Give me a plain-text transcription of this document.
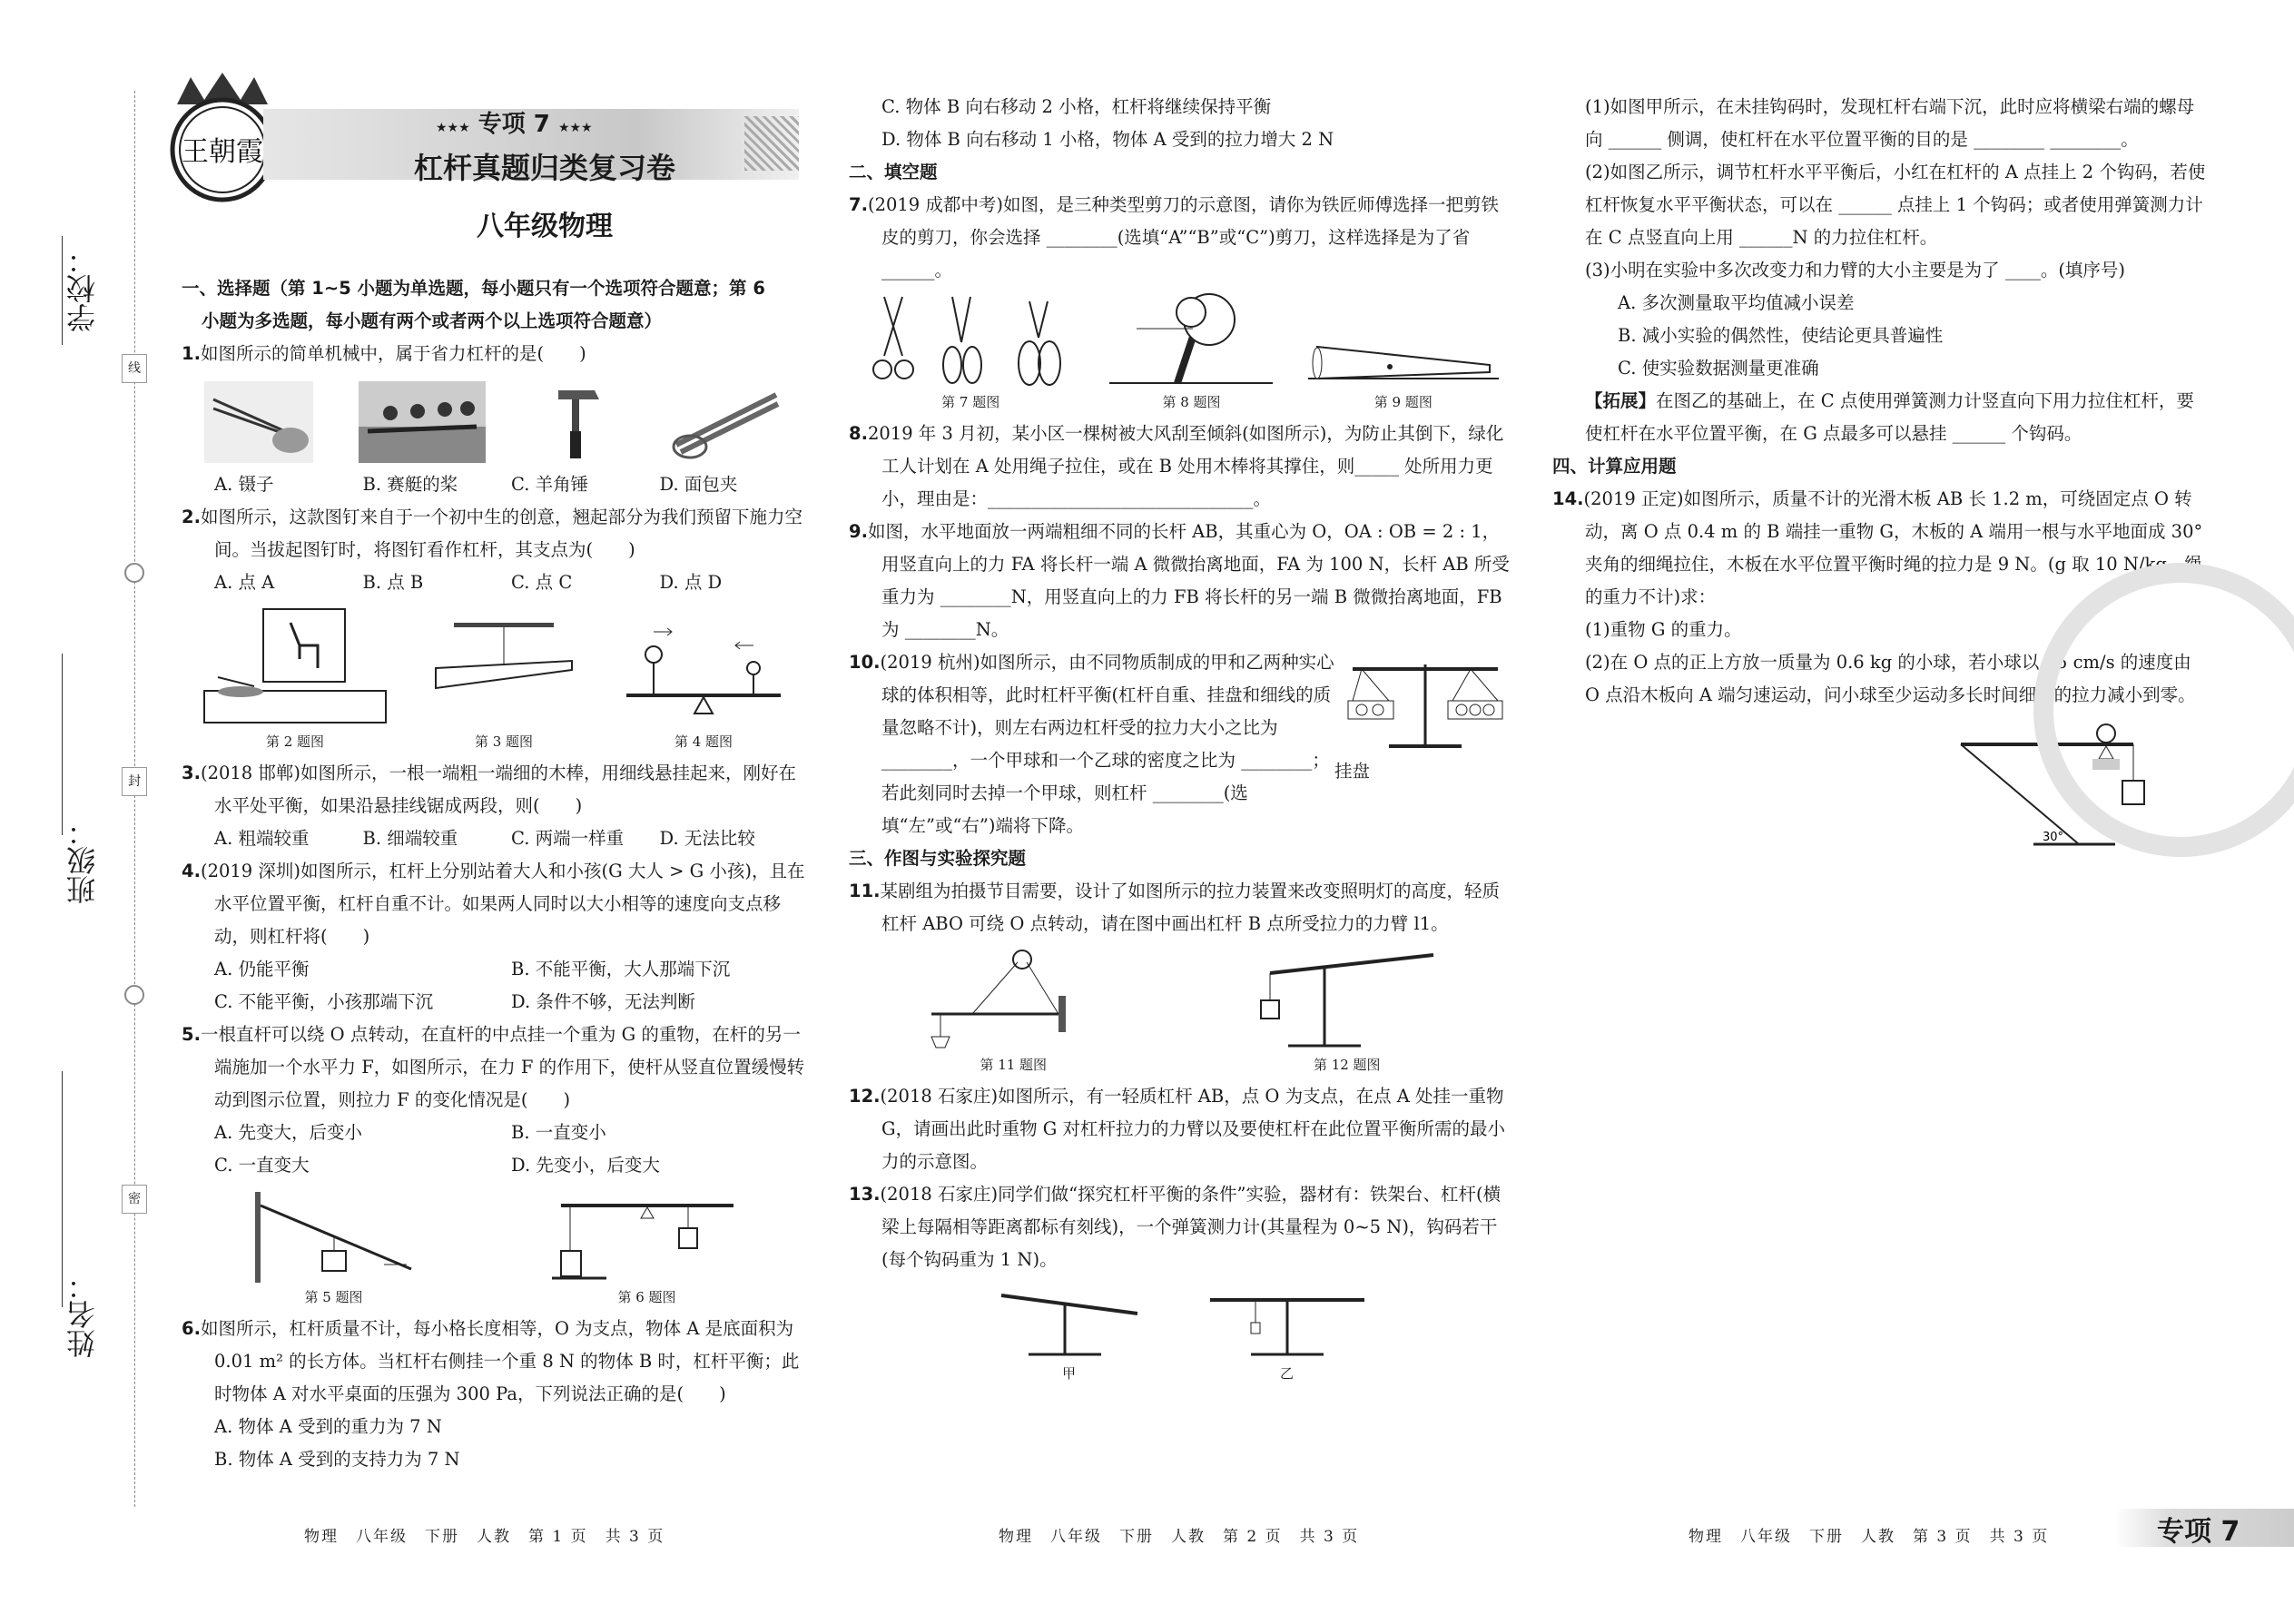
学校：
班级：
姓名：
线
封
密
王朝霞
★★★ 专项 7 ★★★
杠杆真题归类复习卷
八年级物理

一、选择题（第 1~5 小题为单选题，每小题只有一个选项符合题意；第 6

小题为多选题，每小题有两个或者两个以上选项符合题意）

1.如图所示的简单机械中，属于省力杠杆的是(　　)

A. 镊子	B. 赛艇的桨	C. 羊角锤	D. 面包夹

2.如图所示，这款图钉来自于一个初中生的创意，翘起部分为我们预留下施力空间。当拔起图钉时，将图钉看作杠杆，其支点为(　　)

A. 点 A	B. 点 B	C. 点 C	D. 点 D
第 2 题图	第 3 题图	第 4 题图

3.(2018 邯郸)如图所示，一根一端粗一端细的木棒，用细线悬挂起来，刚好在水平处平衡，如果沿悬挂线锯成两段，则(　　)

A. 粗端较重	B. 细端较重	C. 两端一样重	D. 无法比较

4.(2019 深圳)如图所示，杠杆上分别站着大人和小孩(G 大人 > G 小孩)，且在水平位置平衡，杠杆自重不计。如果两人同时以大小相等的速度向支点移动，则杠杆将(　　)

A. 仍能平衡	B. 不能平衡，大人那端下沉
C. 不能平衡，小孩那端下沉	D. 条件不够，无法判断

5.一根直杆可以绕 O 点转动，在直杆的中点挂一个重为 G 的重物，在杆的另一端施加一个水平力 F，如图所示，在力 F 的作用下，使杆从竖直位置缓慢转动到图示位置，则拉力 F 的变化情况是(　　)

A. 先变大，后变小	B. 一直变小
C. 一直变大	D. 先变小，后变大
第 5 题图	第 6 题图

6.如图所示，杠杆质量不计，每小格长度相等，O 为支点，物体 A 是底面积为 0.01 m² 的长方体。当杠杆右侧挂一个重 8 N 的物体 B 时，杠杆平衡；此时物体 A 对水平桌面的压强为 300 Pa，下列说法正确的是(　　)

A. 物体 A 受到的重力为 7 N

B. 物体 A 受到的支持力为 7 N

C. 物体 B 向右移动 2 小格，杠杆将继续保持平衡

D. 物体 B 向右移动 1 小格，物体 A 受到的拉力增大 2 N

二、填空题

7.(2019 成都中考)如图，是三种类型剪刀的示意图，请你为铁匠师傅选择一把剪铁皮的剪刀，你会选择 ________(选填“A”“B”或“C”)剪刀，这样选择是为了省 ______。

第 7 题图	第 8 题图	第 9 题图

8.2019 年 3 月初，某小区一棵树被大风刮至倾斜(如图所示)，为防止其倒下，绿化工人计划在 A 处用绳子拉住，或在 B 处用木棒将其撑住，则_____ 处所用力更小，理由是：______________________________。

9.如图，水平地面放一两端粗细不同的长杆 AB，其重心为 O，OA : OB = 2 : 1，用竖直向上的力 FA 将长杆一端 A 微微抬离地面，FA 为 100 N，长杆 AB 所受重力为 ________N，用竖直向上的力 FB 将长杆的另一端 B 微微抬离地面，FB 为 ________N。

10.(2019 杭州)如图所示，由不同物质制成的甲和乙两种实心球的体积相等，此时杠杆平衡(杠杆自重、挂盘和细线的质量忽略不计)，则左右两边杠杆受的拉力大小之比为 ________，一个甲球和一个乙球的密度之比为 ________；若此刻同时去掉一个甲球，则杠杆 ________(选填“左”或“右”)端将下降。

挂盘

三、作图与实验探究题

11.某剧组为拍摄节目需要，设计了如图所示的拉力装置来改变照明灯的高度，轻质杠杆 ABO 可绕 O 点转动，请在图中画出杠杆 B 点所受拉力的力臂 l1。

第 11 题图	第 12 题图

12.(2018 石家庄)如图所示，有一轻质杠杆 AB，点 O 为支点，在点 A 处挂一重物 G，请画出此时重物 G 对杠杆拉力的力臂以及要使杠杆在此位置平衡所需的最小力的示意图。

13.(2018 石家庄)同学们做“探究杠杆平衡的条件”实验，器材有：铁架台、杠杆(横梁上每隔相等距离都标有刻线)，一个弹簧测力计(其量程为 0~5 N)，钩码若干(每个钩码重为 1 N)。

甲	乙

(1)如图甲所示，在未挂钩码时，发现杠杆右端下沉，此时应将横梁右端的螺母向 ______ 侧调，使杠杆在水平位置平衡的目的是 ________ ________。

(2)如图乙所示，调节杠杆水平平衡后，小红在杠杆的 A 点挂上 2 个钩码，若使杠杆恢复水平平衡状态，可以在 ______ 点挂上 1 个钩码；或者使用弹簧测力计在 C 点竖直向上用 ______N 的力拉住杠杆。

(3)小明在实验中多次改变力和力臂的大小主要是为了 ____。(填序号)

A. 多次测量取平均值减小误差

B. 减小实验的偶然性，使结论更具普遍性

C. 使实验数据测量更准确

【拓展】在图乙的基础上，在 C 点使用弹簧测力计竖直向下用力拉住杠杆，要使杠杆在水平位置平衡，在 G 点最多可以悬挂 ______ 个钩码。

四、计算应用题

14.(2019 正定)如图所示，质量不计的光滑木板 AB 长 1.2 m，可绕固定点 O 转动，离 O 点 0.4 m 的 B 端挂一重物 G，木板的 A 端用一根与水平地面成 30°夹角的细绳拉住，木板在水平位置平衡时绳的拉力是 9 N。(g 取 10 N/kg，绳的重力不计)求：

(1)重物 G 的重力。

(2)在 O 点的正上方放一质量为 0.6 kg 的小球，若小球以 15 cm/s 的速度由 O 点沿木板向 A 端匀速运动，问小球至少运动多长时间细绳的拉力减小到零。

30°
物理　八年级　下册　人教　第 1 页　共 3 页	物理　八年级　下册　人教　第 2 页　共 3 页	物理　八年级　下册　人教　第 3 页　共 3 页	专项 7
